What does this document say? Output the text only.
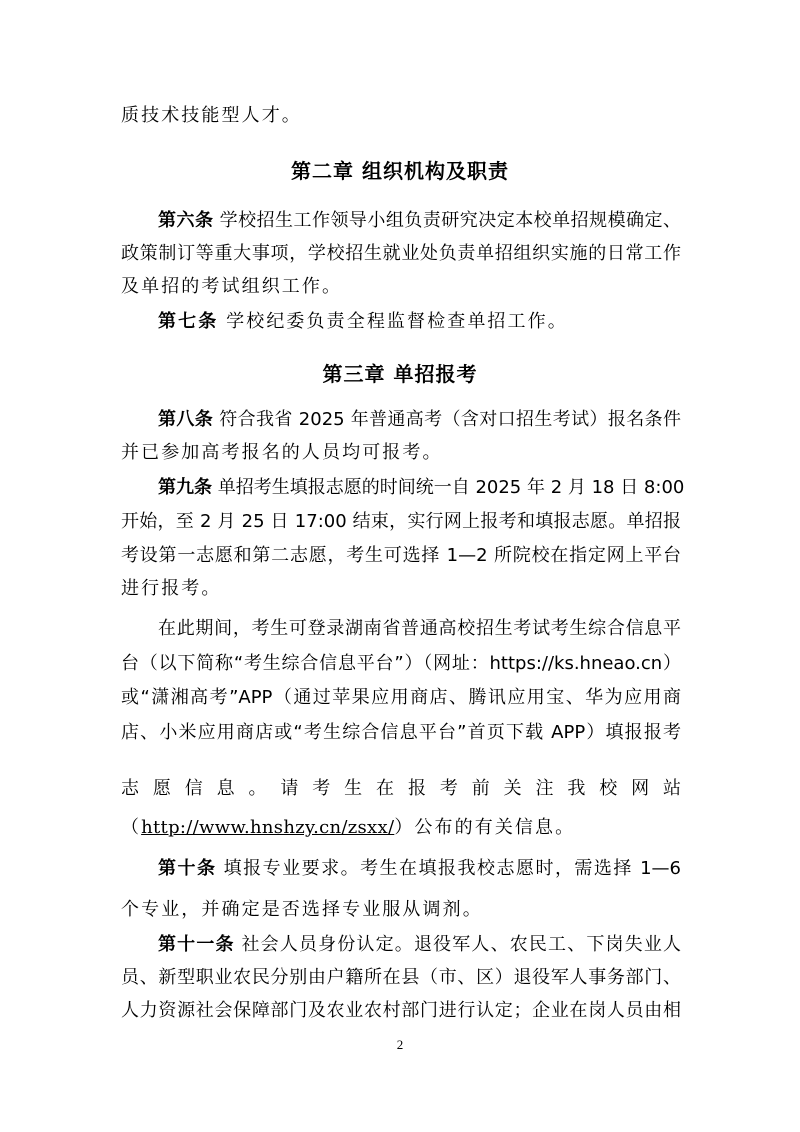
质技术技能型人才。
第二章 组织机构及职责
第六条 学校招生工作领导小组负责研究决定本校单招规模确定、
政策制订等重大事项，学校招生就业处负责单招组织实施的日常工作
及单招的考试组织工作。
第七条 学校纪委负责全程监督检查单招工作。
第三章 单招报考
第八条 符合我省 2025 年普通高考（含对口招生考试）报名条件
并已参加高考报名的人员均可报考。
第九条 单招考生填报志愿的时间统一自 2025 年 2 月 18 日 8:00
开始，至 2 月 25 日 17:00 结束，实行网上报考和填报志愿。单招报
考设第一志愿和第二志愿，考生可选择 1—2 所院校在指定网上平台
进行报考。
在此期间，考生可登录湖南省普通高校招生考试考生综合信息平
台（以下简称“考生综合信息平台”）（网址：https://ks.hneao.cn）
或“潇湘高考”APP（通过苹果应用商店、腾讯应用宝、华为应用商
店、小米应用商店或“考生综合信息平台”首页下载 APP）填报报考
志愿信息。请考生在报考前关注我校网站
（http://www.hnshzy.cn/zsxx/）公布的有关信息。
第十条 填报专业要求。考生在填报我校志愿时，需选择 1—6
个专业，并确定是否选择专业服从调剂。
第十一条 社会人员身份认定。退役军人、农民工、下岗失业人
员、新型职业农民分别由户籍所在县（市、区）退役军人事务部门、
人力资源社会保障部门及农业农村部门进行认定；企业在岗人员由相
2
